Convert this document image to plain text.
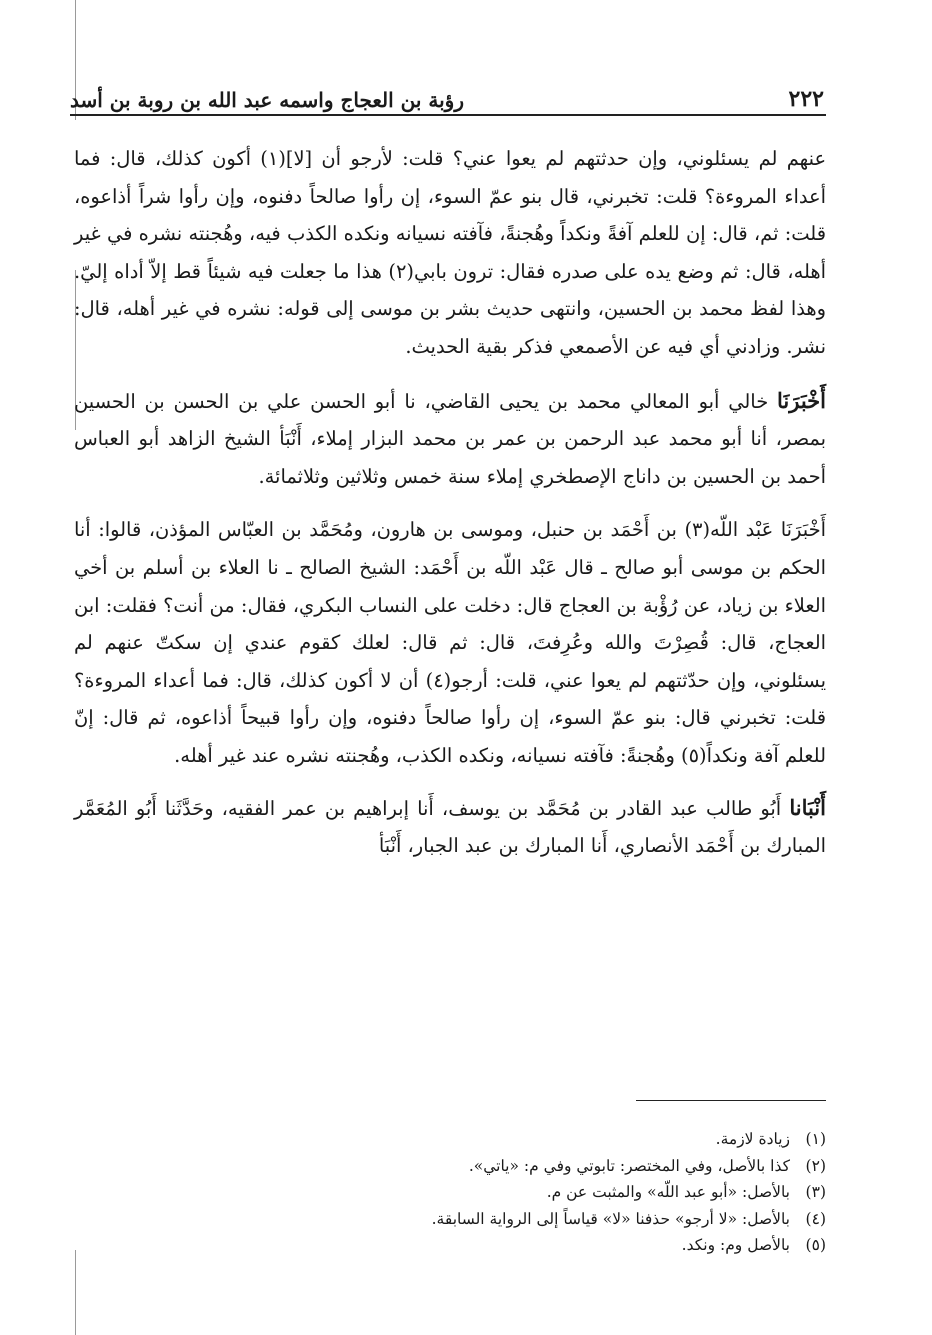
٢٢٢
رؤبة بن العجاج واسمه عبد الله بن روبة بن أسد

عنهم لم يسئلوني، وإن حدثتهم لم يعوا عني؟ قلت: لأرجو أن [لا](١) أكون كذلك، قال: فما أعداء المروءة؟ قلت: تخبرني، قال بنو عمّ السوء، إن رأوا صالحاً دفنوه، وإن رأوا شراً أذاعوه، قلت: ثم، قال: إن للعلم آفةً ونكداً وهُجنةً، فآفته نسيانه ونكده الكذب فيه، وهُجنته نشره في غير أهله، قال: ثم وضع يده على صدره فقال: ترون بابي(٢) هذا ما جعلت فيه شيئاً قط إلاّ أداه إليّ. وهذا لفظ محمد بن الحسين، وانتهى حديث بشر بن موسى إلى قوله: نشره في غير أهله، قال: نشر. وزادني أي فيه عن الأصمعي فذكر بقية الحديث.

أَخْبَرَنَا خالي أبو المعالي محمد بن يحيى القاضي، نا أبو الحسن علي بن الحسن بن الحسين بمصر، أنا أبو محمد عبد الرحمن بن عمر بن محمد البزار إملاء، أَنْبَأ الشيخ الزاهد أبو العباس أحمد بن الحسين بن داناج الإصطخري إملاء سنة خمس وثلاثين وثلاثمائة.

أَخْبَرَنَا عَبْد اللّه(٣) بن أَحْمَد بن حنبل، وموسى بن هارون، ومُحَمَّد بن العبّاس المؤذن، قالوا: أنا الحكم بن موسى أبو صالح ـ قال عَبْد اللّه بن أَحْمَد: الشيخ الصالح ـ نا العلاء بن أسلم بن أخي العلاء بن زياد، عن رُؤْبة بن العجاج قال: دخلت على النساب البكري، فقال: من أنت؟ فقلت: ابن العجاج، قال: قُصِرْتَ والله وعُرِفتَ، قال: ثم قال: لعلك كقوم عندي إن سكتّ عنهم لم يسئلوني، وإن حدّثتهم لم يعوا عني، قلت: أرجو(٤) أن لا أكون كذلك، قال: فما أعداء المروءة؟ قلت: تخبرني قال: بنو عمّ السوء، إن رأوا صالحاً دفنوه، وإن رأوا قبيحاً أذاعوه، ثم قال: إنّ للعلم آفة ونكداً(٥) وهُجنةً: فآفته نسيانه، ونكده الكذب، وهُجنته نشره عند غير أهله.

أَنْبَانا أَبُو طالب عبد القادر بن مُحَمَّد بن يوسف، أَنا إبراهيم بن عمر الفقيه، وحَدَّثَنا أَبُو المُعَمَّر المبارك بن أَحْمَد الأنصاري، أَنا المبارك بن عبد الجبار، أَنْبَأ

(١)زيادة لازمة.
(٢)كذا بالأصل، وفي المختصر: تابوتي وفي م: «ياتي».
(٣)بالأصل: «أبو عبد اللّه» والمثبت عن م.
(٤)بالأصل: «لا أرجو» حذفنا «لا» قياساً إلى الرواية السابقة.
(٥)بالأصل وم: ونكد.
